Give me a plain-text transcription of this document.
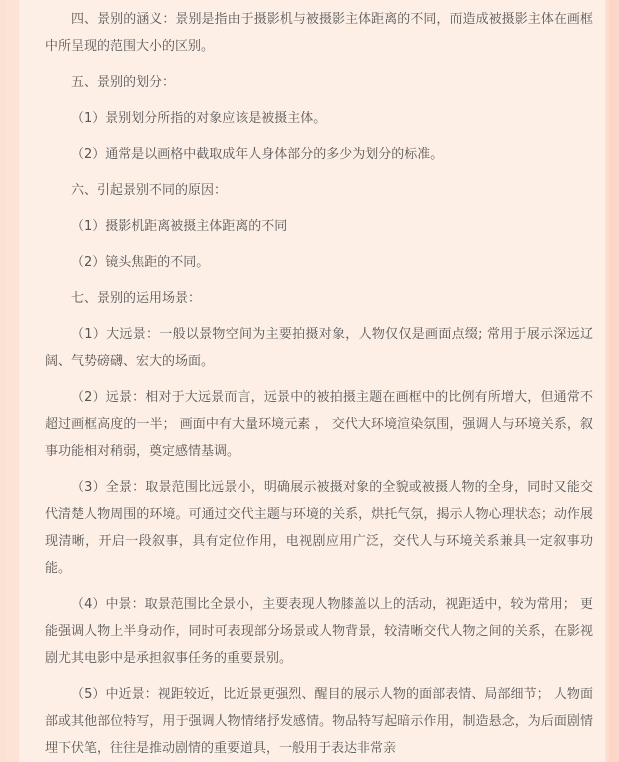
四、景别的涵义：景别是指由于摄影机与被摄影主体距离的不同，而造成被摄影主体在画框中所呈现的范围大小的区别。

五、景别的划分：

（1）景别划分所指的对象应该是被摄主体。

（2）通常是以画格中截取成年人身体部分的多少为划分的标准。

六、引起景别不同的原因：

（1）摄影机距离被摄主体距离的不同

（2）镜头焦距的不同。

七、景别的运用场景：

（1）大远景：一般以景物空间为主要拍摄对象，人物仅仅是画面点缀; 常用于展示深远辽阔、气势磅礴、宏大的场面。

（2）远景：相对于大远景而言，远景中的被拍摄主题在画框中的比例有所增大，但通常不超过画框高度的一半； 画面中有大量环境元素 ， 交代大环境渲染氛围，强调人与环境关系，叙事功能相对稍弱，奠定感情基调。

（3）全景：取景范围比远景小，明确展示被摄对象的全貌或被摄人物的全身，同时又能交代清楚人物周围的环境。可通过交代主题与环境的关系，烘托气氛，揭示人物心理状态；动作展现清晰，开启一段叙事，具有定位作用，电视剧应用广泛，交代人与环境关系兼具一定叙事功能。

（4）中景：取景范围比全景小，主要表现人物膝盖以上的活动，视距适中，较为常用； 更能强调人物上半身动作，同时可表现部分场景或人物背景，较清晰交代人物之间的关系，在影视剧尤其电影中是承担叙事任务的重要景别。

（5）中近景：视距较近，比近景更强烈、醒目的展示人物的面部表情、局部细节； 人物面部或其他部位特写，用于强调人物情绪抒发感情。物品特写起暗示作用，制造悬念，为后面剧情埋下伏笔，往往是推动剧情的重要道具，一般用于表达非常亲
